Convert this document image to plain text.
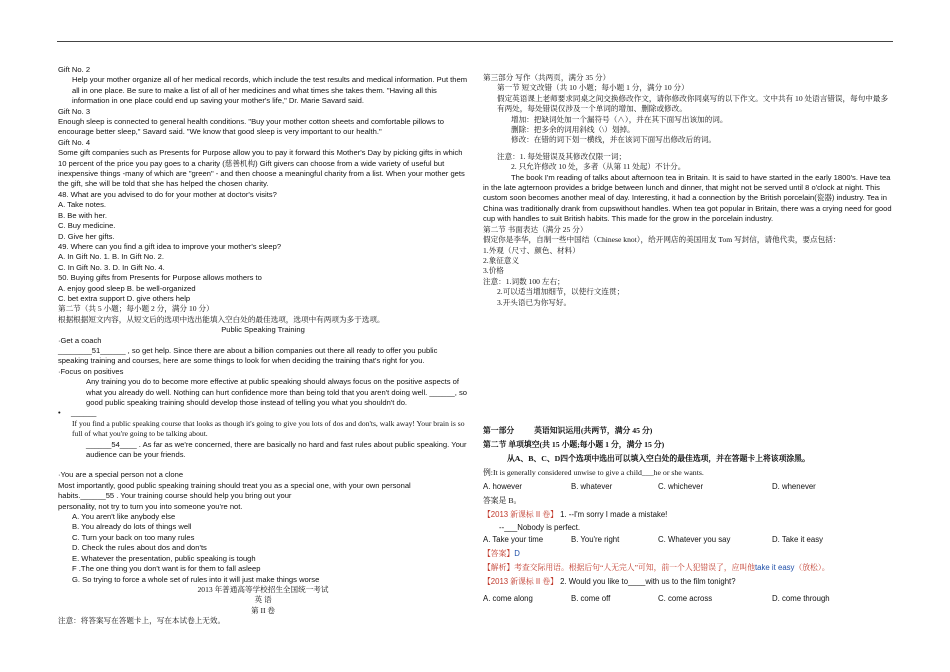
Gift No. 2
Help your mother organize all of her medical records, which include the test results and medical information. Put them all in one place. Be sure to make a list of all of her medicines and what times she takes them. "Having all this information in one place could end up saving your mother's life," Dr. Marie Savard said.
Gift No. 3
Enough sleep is connected to general health conditions. "Buy your mother cotton sheets and comfortable pillows to encourage better sleep," Savard said. "We know that good sleep is very important to our health."
Gift No. 4
Some gift companies such as Presents for Purpose allow you to pay it forward this Mother's Day by picking gifts in which 10 percent of the price you pay goes to a charity (慈善机构) Gift givers can choose from a wide variety of useful but inexpensive things -many of which are "green" - and then choose a meaningful charity from a list. When your mother gets the gift, she will be told that she has helped the chosen charity.
48. What are you advised to do for your mother at doctor's visits?
A. Take notes.
B. Be with her.
C. Buy medicine.
D. Give her gifts.
49. Where can you find a gift idea to improve your mother's sleep?
A. In Gift No. 1. B. In Gift No. 2.
C. In Gift No. 3. D. In Gift No. 4.
50. Buying gifts from Presents for Purpose allows mothers to
A. enjoy good sleep B. be well-organized
C. bet extra support D. give others help
第二节（共 5 小题；每小题 2 分，满分 10 分）
根据根据短文内容，从短文后的选项中选出能填入空白处的最佳选项，选项中有两项为多于选项。
Public Speaking Training
·Get a coach
________51______ , so get help. Since there are about a billion companies out there all ready to offer you public speaking training and courses, here are some things to look for when deciding the training that's right for you.
·Focus on positives
Any training you do to become more effective at public speaking should always focus on the positive aspects of what you already do well. Nothing can hurt confidence more than being told that you aren't doing well. ______, so good public speaking training should develop those instead of telling you what you shouldn't do.
•	______
If you find a public speaking course that looks as though it's going to give you lots of dos and don'ts, walk away! Your brain is so full of what you're going to be talking about.
______54____ . As far as we're concerned, there are basically no hard and fast rules about public speaking. Your audience can be your friends.
·You are a special person not a clone
Most importantly, good public speaking training should treat you as a special one, with your own personal habits.______55 . Your training course should help you bring out your
personality, not try to turn you into someone you're not.
A. You aren't like anybody else
B. You already do lots of things well
C. Turn your back on too many rules
D. Check the rules about dos and don'ts
E. Whatever the presentation, public speaking is tough
F .The one thing you don't want is for them to fall asleep
G. So trying to force a whole set of rules into it will just make things worse
2013 年普通高等学校招生全国统一考试
英 语
第 II 卷
注意：将答案写在答题卡上，写在本试卷上无效。
第三部分 写作（共两页，满分 35 分）
第一节 短文改错（共 10 小题；每小题 1 分，满分 10 分）
假定英语课上老师要求同桌之间交换修改作文，请你修改你同桌写的以下作文。文中共有 10 处语言错误，每句中最多有两处，每处错误仅涉及一个单词的增加、删除或修改。
增加：把缺词处加一个漏符号（∧），并在其下面写出该加的词。
删除：把多余的词用斜线（\）划掉。
修改：在错的词下划一横线，并在该词下面写出修改后的词。
注意：1. 每处错误及其修改仅限一词；
2. 只允许修改 10 处，多者（从第 11 处起）不计分。
The book I'm reading of talks about afternoon tea in Britain. It is said to have started in the early 1800's. Have tea in the late agternoon provides a bridge between lunch and dinner, that might not be served until 8 o'clock at night. This custom soon becomes another meal of day. Interesting, it had a connection by the British porcelain(瓷器) industry. Tea in China was traditionally drank from cupswithout handles. When tea got popular in Britain, there was a crying need for good cup with handles to suit British habits. This made for the grow in the porcelain industry.
第二节 书面表达（满分 25 分）
假定你是李华，自制一些中国结（Chinese knot），给开网店的美国用友 Tom 写封信，请他代卖，要点包括：
1.外观（尺寸、颜色、材料）
2.象征意义
3.价格
注意：1.词数 100 左右；
2.可以适当增加细节，以使行文连贯；
3.开头语已为你写好。
第一部分	英语知识运用(共两节，满分 45 分)
第二节 单项填空(共 15 小题;每小题 1 分，满分 15 分)
从A、B、C、D四个选项中选出可以填入空白处的最佳选项，并在答题卡上将该项涂黑。
例:It is generally considered unwise to give a child___he or she wants.
A. however	B. whatever	C. whichever	D. whenever
答案是 B。
【2013 新课标 II 卷】 1. --I'm sorry I made a mistake!
--___Nobody is perfect.
A. Take your time	B. You're right	C. Whatever you say	D. Take it easy
【答案】D
【解析】考查交际用语。根据后句“人无完人”可知，前一个人犯错误了，应叫他take it easy（放松）。
【2013 新课标 II 卷】 2. Would you like to____with us to the film tonight?
A. come along	B. come off	C. come across	D. come through
